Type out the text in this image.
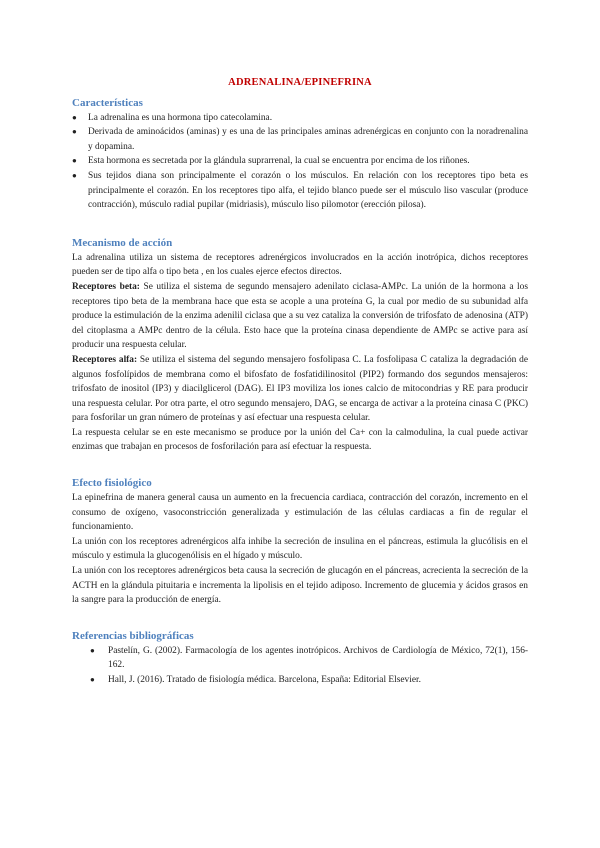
ADRENALINA/EPINEFRINA
Características
● La adrenalina es una hormona tipo catecolamina.
● Derivada de aminoácidos (aminas) y es una de las principales aminas adrenérgicas en conjunto con la noradrenalina y dopamina.
● Esta hormona es secretada por la glándula suprarrenal, la cual se encuentra por encima de los riñones.
● Sus tejidos diana son principalmente el corazón o los músculos. En relación con los receptores tipo beta es principalmente el corazón. En los receptores tipo alfa, el tejido blanco puede ser el músculo liso vascular (produce contracción), músculo radial pupilar (midriasis), músculo liso pilomotor (erección pilosa).
Mecanismo de acción

La adrenalina utiliza un sistema de receptores adrenérgicos involucrados en la acción inotrópica, dichos receptores pueden ser de tipo alfa o tipo beta , en los cuales ejerce efectos directos.

Receptores beta: Se utiliza el sistema de segundo mensajero adenilato ciclasa-AMPc. La unión de la hormona a los receptores tipo beta de la membrana hace que esta se acople a una proteína G, la cual por medio de su subunidad alfa produce la estimulación de la enzima adenilil ciclasa que a su vez cataliza la conversión de trifosfato de adenosina (ATP) del citoplasma a AMPc dentro de la célula. Esto hace que la proteína cinasa dependiente de AMPc se active para así producir una respuesta celular.

Receptores alfa: Se utiliza el sistema del segundo mensajero fosfolipasa C. La fosfolipasa C cataliza la degradación de algunos fosfolípidos de membrana como el bifosfato de fosfatidilinositol (PIP2) formando dos segundos mensajeros: trifosfato de inositol (IP3) y diacilglicerol (DAG). El IP3 moviliza los iones calcio de mitocondrias y RE para producir una respuesta celular. Por otra parte, el otro segundo mensajero, DAG, se encarga de activar a la proteína cinasa C (PKC) para fosforilar un gran número de proteínas y así efectuar una respuesta celular.

La respuesta celular se en este mecanismo se produce por la unión del Ca+ con la calmodulina, la cual puede activar enzimas que trabajan en procesos de fosforilación para así efectuar la respuesta.

Efecto fisiológico

La epinefrina de manera general causa un aumento en la frecuencia cardiaca, contracción del corazón, incremento en el consumo de oxígeno, vasoconstricción generalizada y estimulación de las células cardiacas a fin de regular el funcionamiento.

La unión con los receptores adrenérgicos alfa inhibe la secreción de insulina en el páncreas, estimula la glucólisis en el músculo y estimula la glucogenólisis en el hígado y músculo.

La unión con los receptores adrenérgicos beta causa la secreción de glucagón en el páncreas, acrecienta la secreción de la ACTH en la glándula pituitaria e incrementa la lipolisis en el tejido adiposo. Incremento de glucemia y ácidos grasos en la sangre para la producción de energía.

Referencias bibliográficas
● Pastelín, G. (2002). Farmacología de los agentes inotrópicos. Archivos de Cardiología de México, 72(1), 156-162.
● Hall, J. (2016). Tratado de fisiología médica. Barcelona, España: Editorial Elsevier.
